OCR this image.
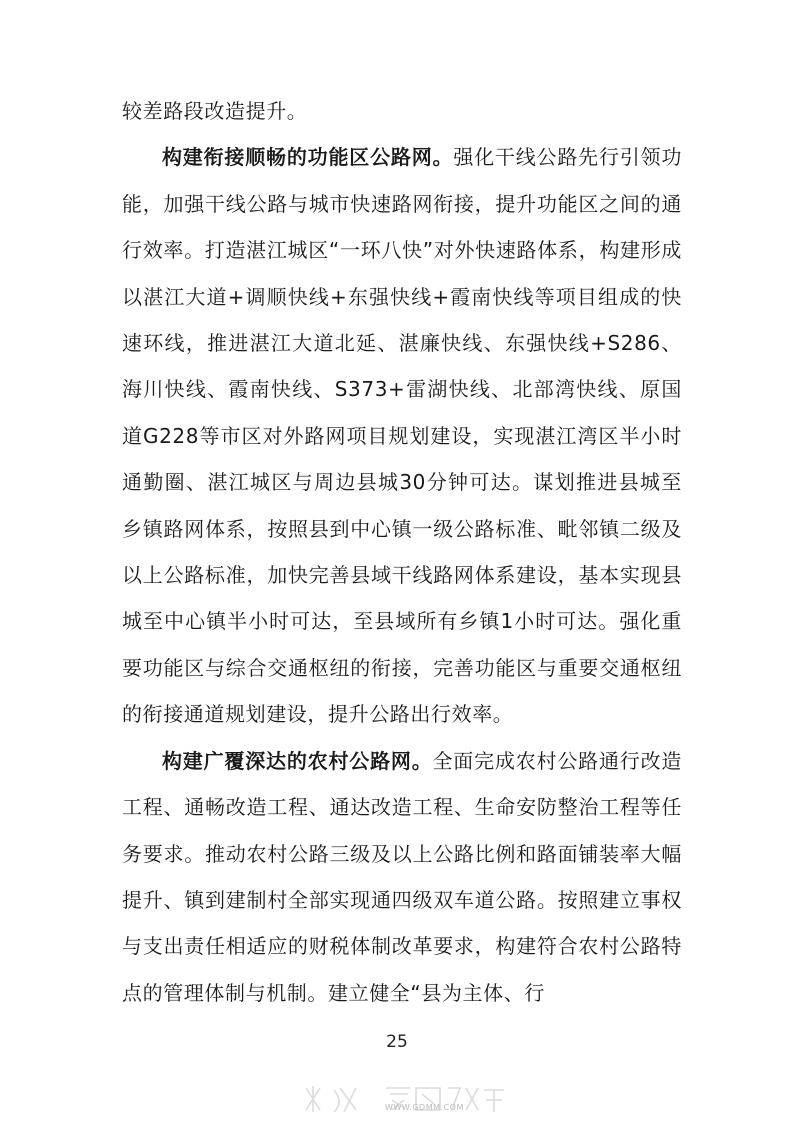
较差路段改造提升。

构建衔接顺畅的功能区公路网。强化干线公路先行引领功能，加强干线公路与城市快速路网衔接，提升功能区之间的通行效率。打造湛江城区“一环八快”对外快速路体系，构建形成以湛江大道+调顺快线+东强快线+霞南快线等项目组成的快速环线，推进湛江大道北延、湛廉快线、东强快线+S286、海川快线、霞南快线、S373+雷湖快线、北部湾快线、原国道G228等市区对外路网项目规划建设，实现湛江湾区半小时通勤圈、湛江城区与周边县城30分钟可达。谋划推进县城至乡镇路网体系，按照县到中心镇一级公路标准、毗邻镇二级及以上公路标准，加快完善县域干线路网体系建设，基本实现县城至中心镇半小时可达，至县域所有乡镇1小时可达。强化重要功能区与综合交通枢纽的衔接，完善功能区与重要交通枢纽的衔接通道规划建设，提升公路出行效率。

构建广覆深达的农村公路网。全面完成农村公路通行改造工程、通畅改造工程、通达改造工程、生命安防整治工程等任务要求。推动农村公路三级及以上公路比例和路面铺装率大幅提升、镇到建制村全部实现通四级双车道公路。按照建立事权与支出责任相适应的财税体制改革要求，构建符合农村公路特点的管理体制与机制。建立健全“县为主体、行

25
WWW.GDMM.COM
